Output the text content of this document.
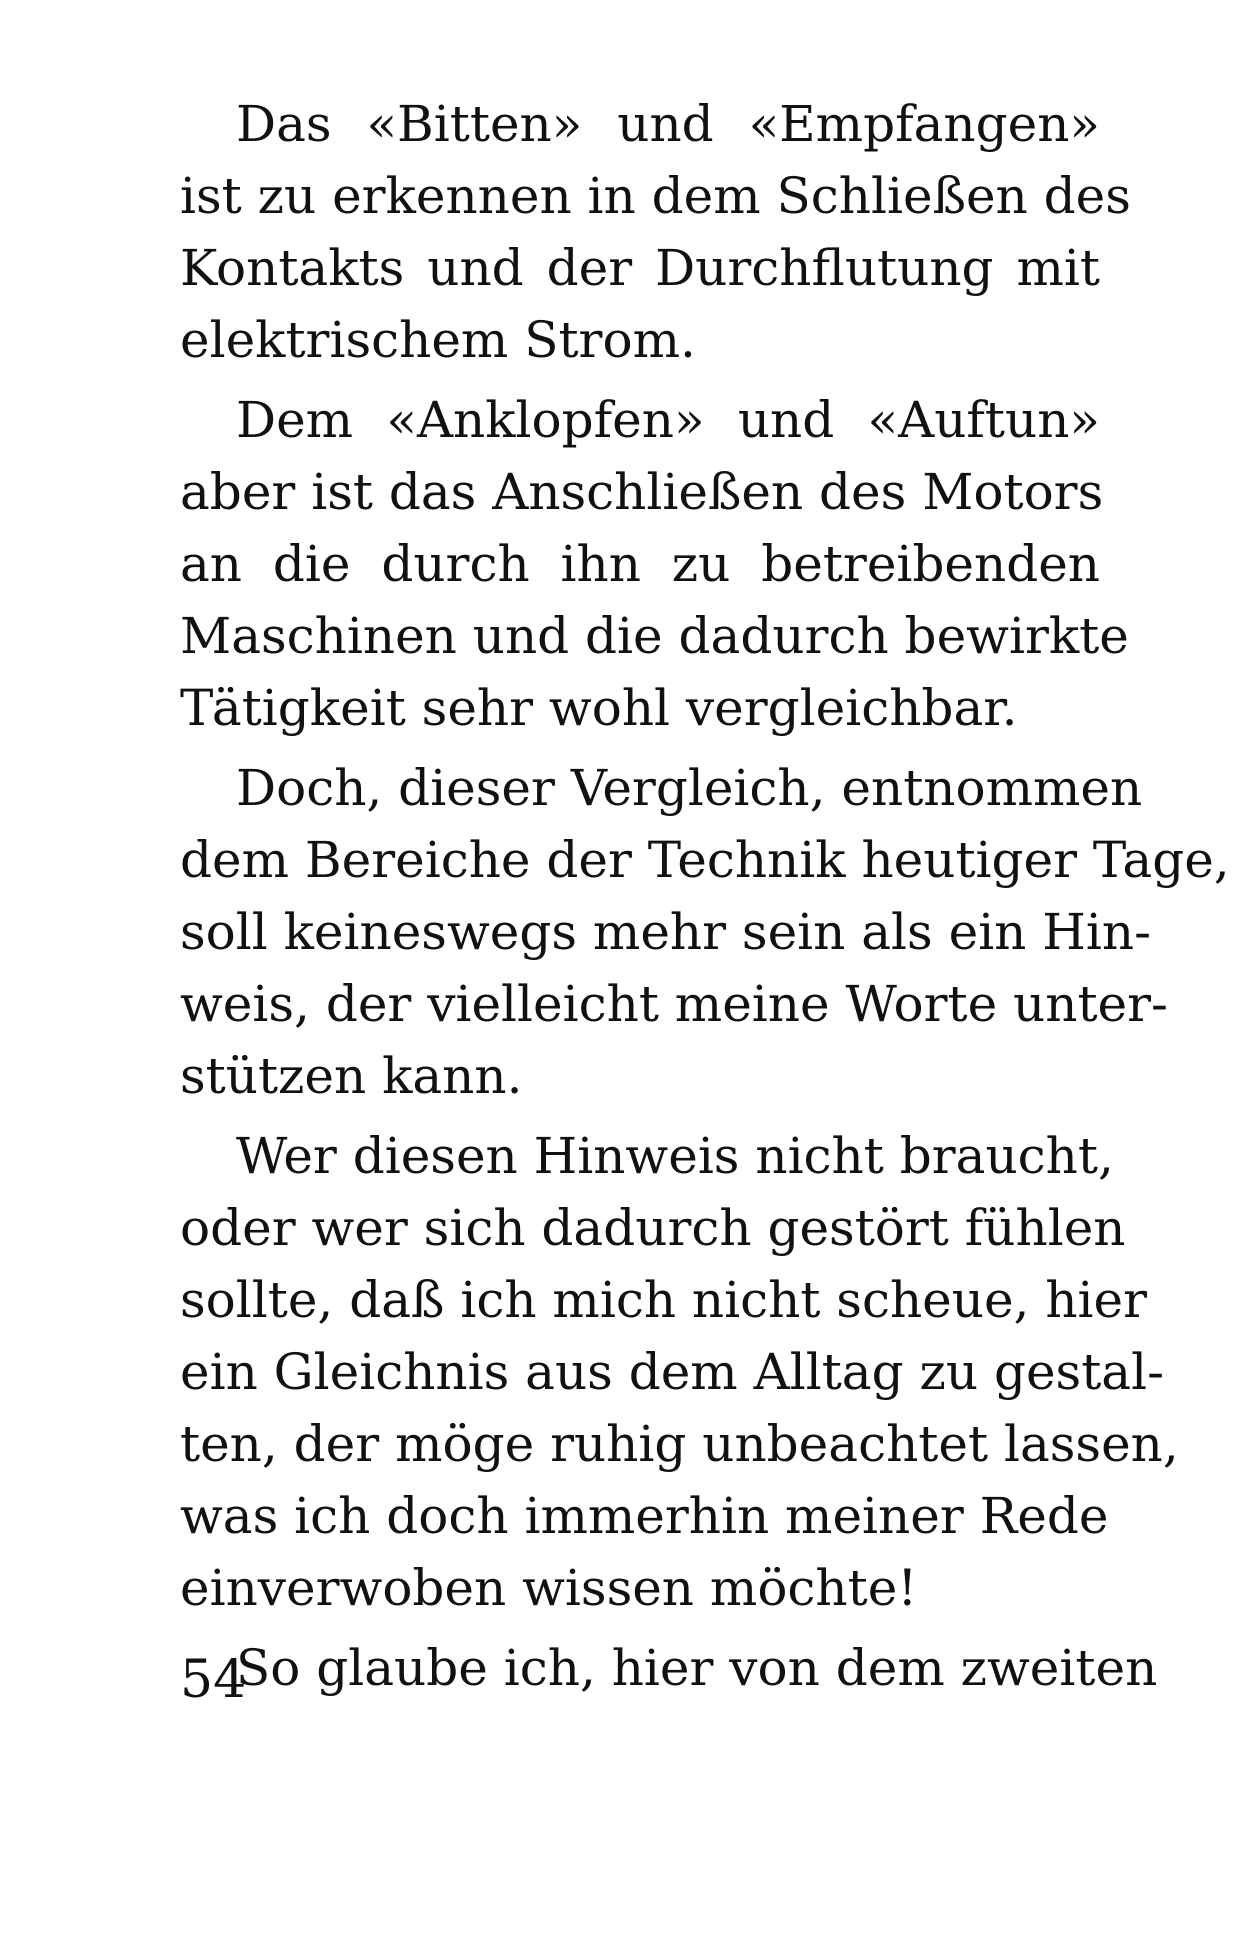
Das «Bitten» und «Empfangen»
ist zu erkennen in dem Schließen des
Kontakts und der Durchflutung mit
elektrischem Strom.
Dem «Anklopfen» und «Auftun»
aber ist das Anschließen des Motors
an die durch ihn zu betreibenden
Maschinen und die dadurch bewirkte
Tätigkeit sehr wohl vergleichbar.
Doch, dieser Vergleich, entnommen
dem Bereiche der Technik heutiger Tage,
soll keineswegs mehr sein als ein Hin-
weis, der vielleicht meine Worte unter-
stützen kann.
Wer diesen Hinweis nicht braucht,
oder wer sich dadurch gestört fühlen
sollte, daß ich mich nicht scheue, hier
ein Gleichnis aus dem Alltag zu gestal-
ten, der möge ruhig unbeachtet lassen,
was ich doch immerhin meiner Rede
einverwoben wissen möchte!
So glaube ich, hier von dem zweiten
54
